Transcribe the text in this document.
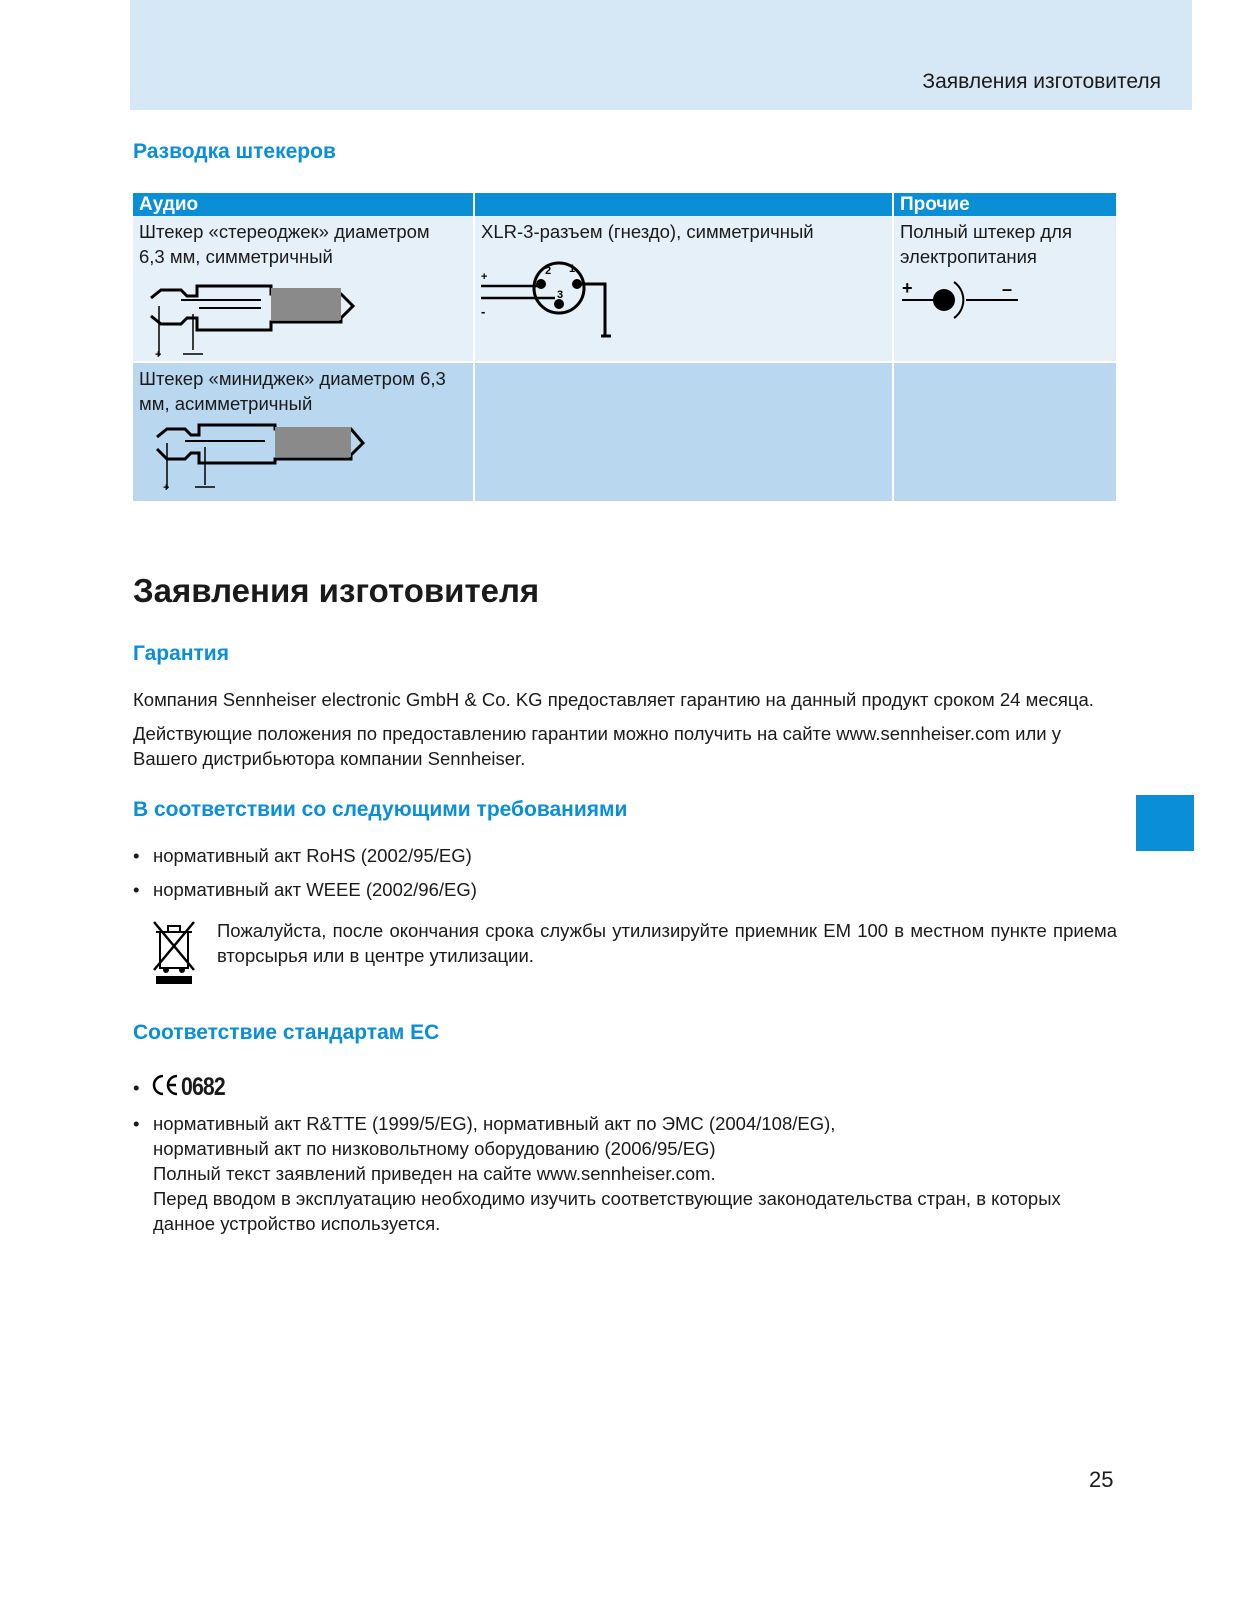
Заявления изготовителя
Разводка штекеров
Аудио	Прочие
Штекер «стереоджек» диаметром 6,3 мм, симметричный
+
XLR-3-разъем (гнездо), симметричный
+
-
2 1
3
Полный штекер для электропитания
+	–
Штекер «миниджек» диаметром 6,3 мм, асимметричный
+
Заявления изготовителя
Гарантия
Компания Sennheiser electronic GmbH & Co. KG предоставляет гарантию на данный продукт сроком 24 месяца.
Действующие положения по предоставлению гарантии можно получить на сайте www.sennheiser.com или у Вашего дистрибьютора компании Sennheiser.
В соответствии со следующими требованиями
• нормативный акт RoHS (2002/95/EG)
• нормативный акт WEEE (2002/96/EG)
Пожалуйста, после окончания срока службы утилизируйте приемник EM 100 в местном пункте приема вторсырья или в центре утилизации.
Соответствие стандартам ЕС
• 0682
• нормативный акт R&TTE (1999/5/EG), нормативный акт по ЭМС (2004/108/EG),
нормативный акт по низковольтному оборудованию (2006/95/EG)
Полный текст заявлений приведен на сайте www.sennheiser.com.
Перед вводом в эксплуатацию необходимо изучить соответствующие законодательства стран, в которых данное устройство используется.
25
